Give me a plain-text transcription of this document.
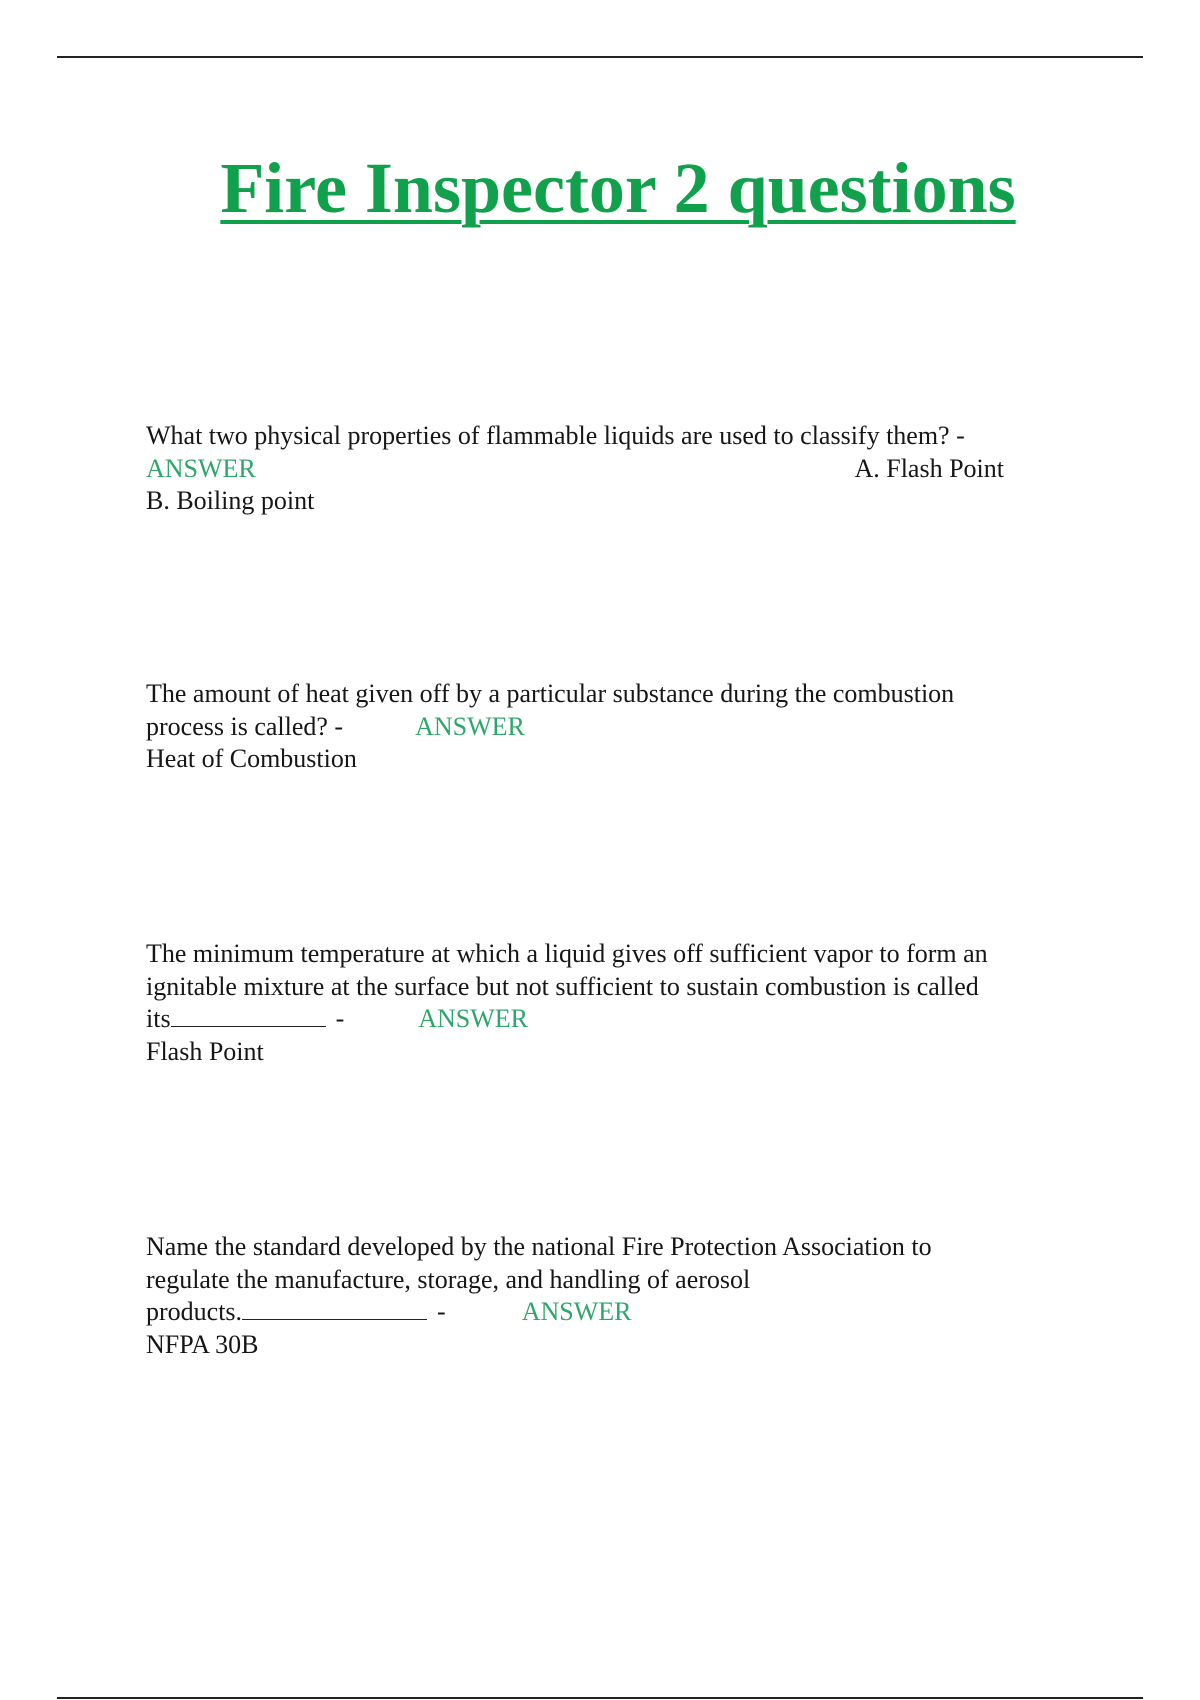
Fire Inspector 2 questions
What two physical properties of flammable liquids are used to classify them? -
ANSWER	A. Flash Point
B. Boiling point
The amount of heat given off by a particular substance during the combustion
process is called? -	ANSWER
Heat of Combustion
The minimum temperature at which a liquid gives off sufficient vapor to form an
ignitable mixture at the surface but not sufficient to sustain combustion is called
its	-	ANSWER
Flash Point
Name the standard developed by the national Fire Protection Association to
regulate the manufacture, storage, and handling of aerosol
products.	-	ANSWER
NFPA 30B
